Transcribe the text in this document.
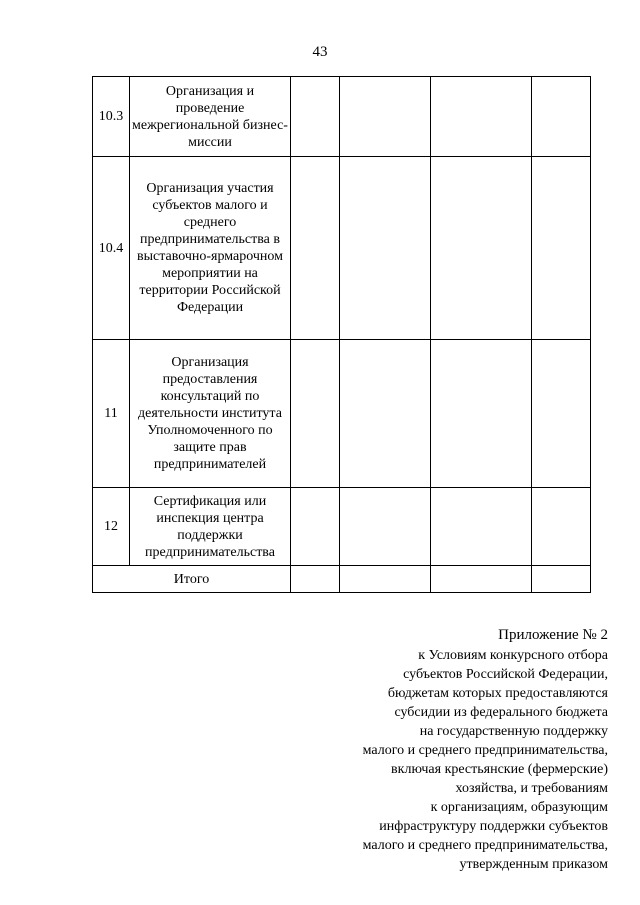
43
10.3	Организация и проведение межрегиональной бизнес-миссии				
10.4	Организация участия субъектов малого и среднего предпринимательства в выставочно-ярмарочном мероприятии на территории Российской Федерации				
11	Организация предоставления консультаций по деятельности института Уполномоченного по защите прав предпринимателей				
12	Сертификация или инспекция центра поддержки предпринимательства				
Итого					
Приложение № 2
к Условиям конкурсного отбора
субъектов Российской Федерации,
бюджетам которых предоставляются
субсидии из федерального бюджета
на государственную поддержку
малого и среднего предпринимательства,
включая крестьянские (фермерские)
хозяйства, и требованиям
к организациям, образующим
инфраструктуру поддержки субъектов
малого и среднего предпринимательства,
утвержденным приказом
